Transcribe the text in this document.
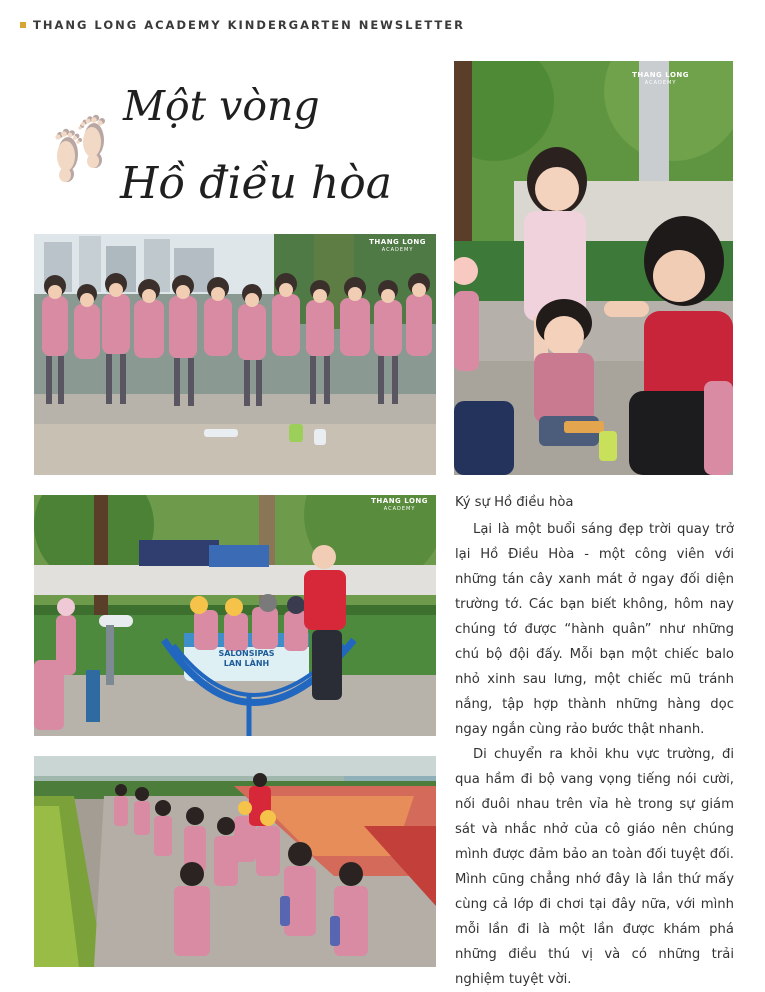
THANG LONG ACADEMY KINDERGARTEN NEWSLETTER
Một vòng
Hồ điều hòa
THANG LONG
ACADEMY
THANG LONG
ACADEMY
THANG LONG
ACADEMY
SALONSIPAS
LAN LÀNH
Ký sự Hồ điều hòa

Lại là một buổi sáng đẹp trời quay trở lại Hồ Điều Hòa - một công viên với những tán cây xanh mát ở ngay đối diện trường tớ. Các bạn biết không, hôm nay chúng tớ được “hành quân” như những chú bộ đội đấy. Mỗi bạn một chiếc balo nhỏ xinh sau lưng, một chiếc mũ tránh nắng, tập hợp thành những hàng dọc ngay ngắn cùng rảo bước thật nhanh.

Di chuyển ra khỏi khu vực trường, đi qua hầm đi bộ vang vọng tiếng nói cười, nối đuôi nhau trên vỉa hè trong sự giám sát và nhắc nhở của cô giáo nên chúng mình được đảm bảo an toàn đối tuyệt đối. Mình cũng chẳng nhớ đây là lần thứ mấy cùng cả lớp đi chơi tại đây nữa, với mình mỗi lần đi là một lần được khám phá những điều thú vị và có những trải nghiệm tuyệt vời.
